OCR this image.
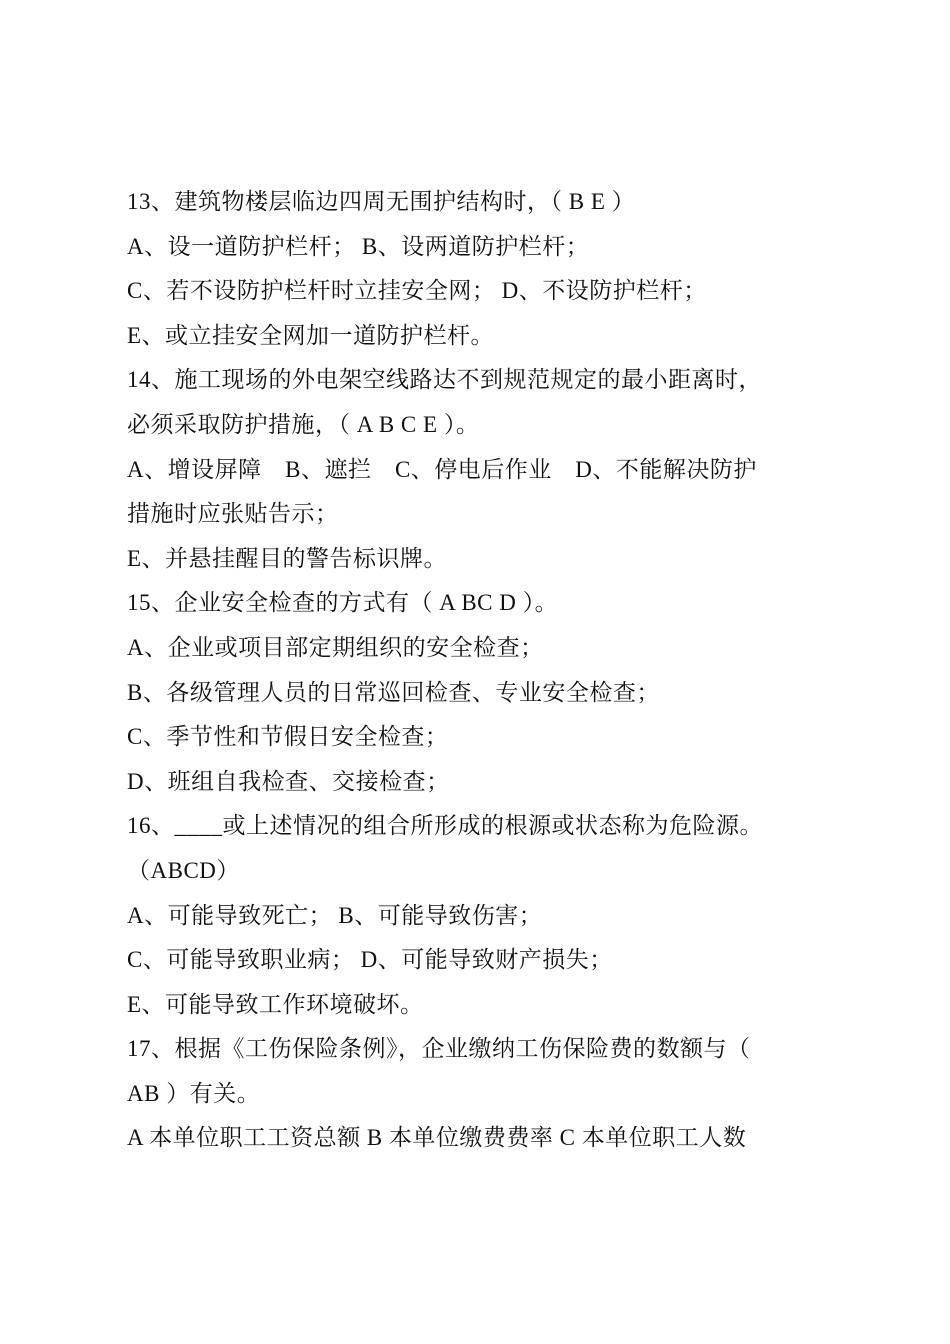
13、建筑物楼层临边四周无围护结构时，（ B E ）
A、设一道防护栏杆； B、设两道防护栏杆；
C、若不设防护栏杆时立挂安全网； D、不设防护栏杆；
E、或立挂安全网加一道防护栏杆。
14、施工现场的外电架空线路达不到规范规定的最小距离时，
必须采取防护措施，（ A B C E ）。
A、增设屏障　B、遮拦　C、停电后作业　D、不能解决防护
措施时应张贴告示；
E、并悬挂醒目的警告标识牌。
15、企业安全检查的方式有（ A BC D ）。
A、企业或项目部定期组织的安全检查；
B、各级管理人员的日常巡回检查、专业安全检查；
C、季节性和节假日安全检查；
D、班组自我检查、交接检查；
16、____或上述情况的组合所形成的根源或状态称为危险源。
（ABCD）
A、可能导致死亡； B、可能导致伤害；
C、可能导致职业病； D、可能导致财产损失；
E、可能导致工作环境破坏。
17、根据《工伤保险条例》，企业缴纳工伤保险费的数额与（
AB ）有关。
A 本单位职工工资总额 B 本单位缴费费率 C 本单位职工人数
